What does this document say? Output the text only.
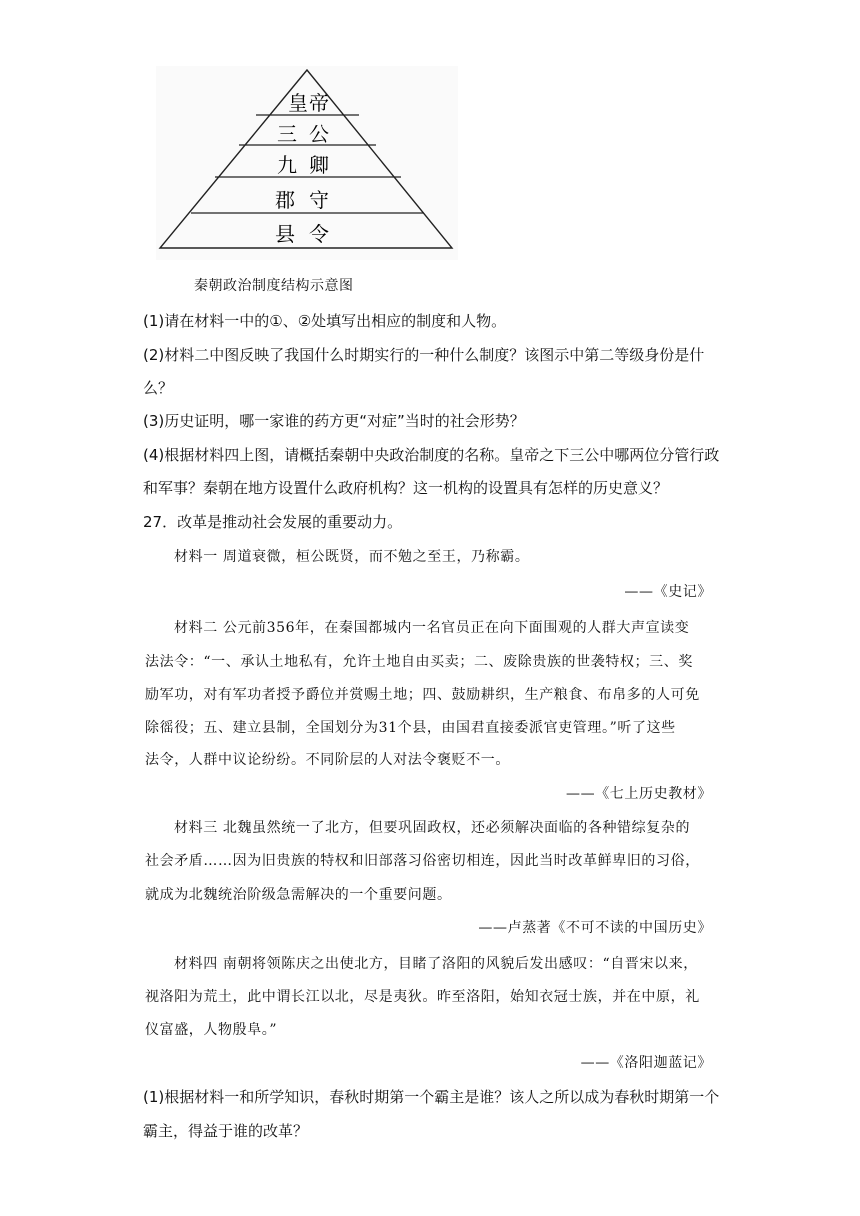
皇帝
三公
九卿
郡守
县令
秦朝政治制度结构示意图
(1)请在材料一中的①、②处填写出相应的制度和人物。
(2)材料二中图反映了我国什么时期实行的一种什么制度？该图示中第二等级身份是什
么？
(3)历史证明，哪一家谁的药方更“对症”当时的社会形势？
(4)根据材料四上图，请概括秦朝中央政治制度的名称。皇帝之下三公中哪两位分管行政
和军事？秦朝在地方设置什么政府机构？这一机构的设置具有怎样的历史意义？
27．改革是推动社会发展的重要动力。
材料一 周道衰微，桓公既贤，而不勉之至王，乃称霸。
——《史记》
材料二 公元前356年，在秦国都城内一名官员正在向下面围观的人群大声宣读变
法法令：“一、承认土地私有，允许土地自由买卖；二、废除贵族的世袭特权；三、奖
励军功，对有军功者授予爵位并赏赐土地；四、鼓励耕织，生产粮食、布帛多的人可免
除徭役；五、建立县制，全国划分为31个县，由国君直接委派官吏管理。”听了这些
法令，人群中议论纷纷。不同阶层的人对法令褒贬不一。
——《七上历史教材》
材料三 北魏虽然统一了北方，但要巩固政权，还必须解决面临的各种错综复杂的
社会矛盾……因为旧贵族的特权和旧部落习俗密切相连，因此当时改革鲜卑旧的习俗，
就成为北魏统治阶级急需解决的一个重要问题。
——卢蒸著《不可不读的中国历史》
材料四 南朝将领陈庆之出使北方，目睹了洛阳的风貌后发出感叹：“自晋宋以来，
视洛阳为荒土，此中谓长江以北，尽是夷狄。昨至洛阳，始知衣冠士族，并在中原，礼
仪富盛，人物殷阜。”
——《洛阳迦蓝记》
(1)根据材料一和所学知识，春秋时期第一个霸主是谁？该人之所以成为春秋时期第一个
霸主，得益于谁的改革？
